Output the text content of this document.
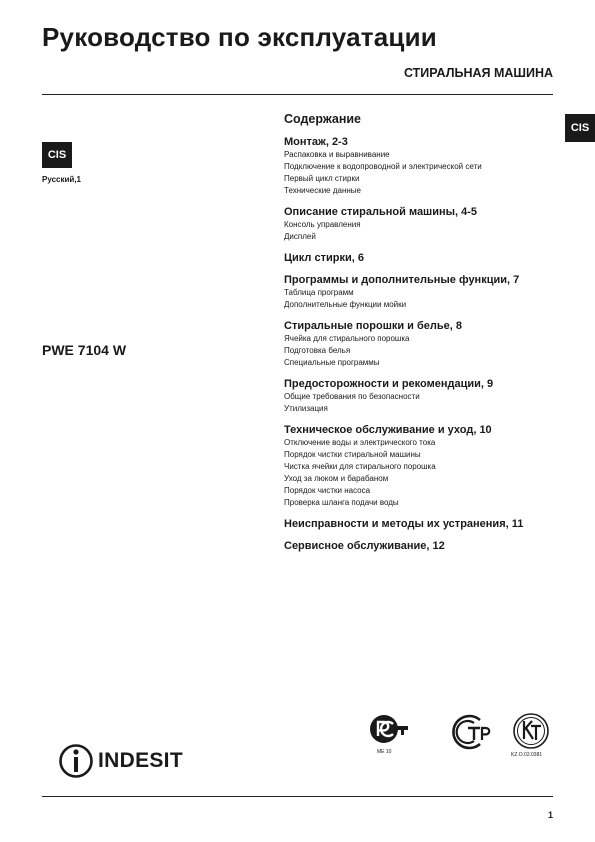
Руководство по эксплуатации
СТИРАЛЬНАЯ МАШИНА
CIS
Русский,1
CIS
PWE 7104 W
Содержание
Монтаж, 2-3
Распаковка и выравнивание
Подключение к водопроводной и электрической сети
Первый цикл стирки
Технические данные
Описание стиральной машины, 4-5
Консоль управления
Дисплей
Цикл стирки, 6
Программы и дополнительные функции, 7
Таблица программ
Дополнительные функции мойки
Стиральные порошки и белье, 8
Ячейка для стирального порошка
Подготовка белья
Специальные программы
Предосторожности и рекомендации, 9
Общие требования по безопасности
Утилизация
Техническое обслуживание и уход, 10
Отключение воды и электрического тока
Порядок чистки стиральной машины
Чистка ячейки для стирального порошка
Уход за люком и барабаном
Порядок чистки насоса
Проверка шланга подачи воды
Неисправности и методы их устранения, 11
Сервисное обслуживание, 12
INDESIT	ME 10	KZ.O.02.0381
1
